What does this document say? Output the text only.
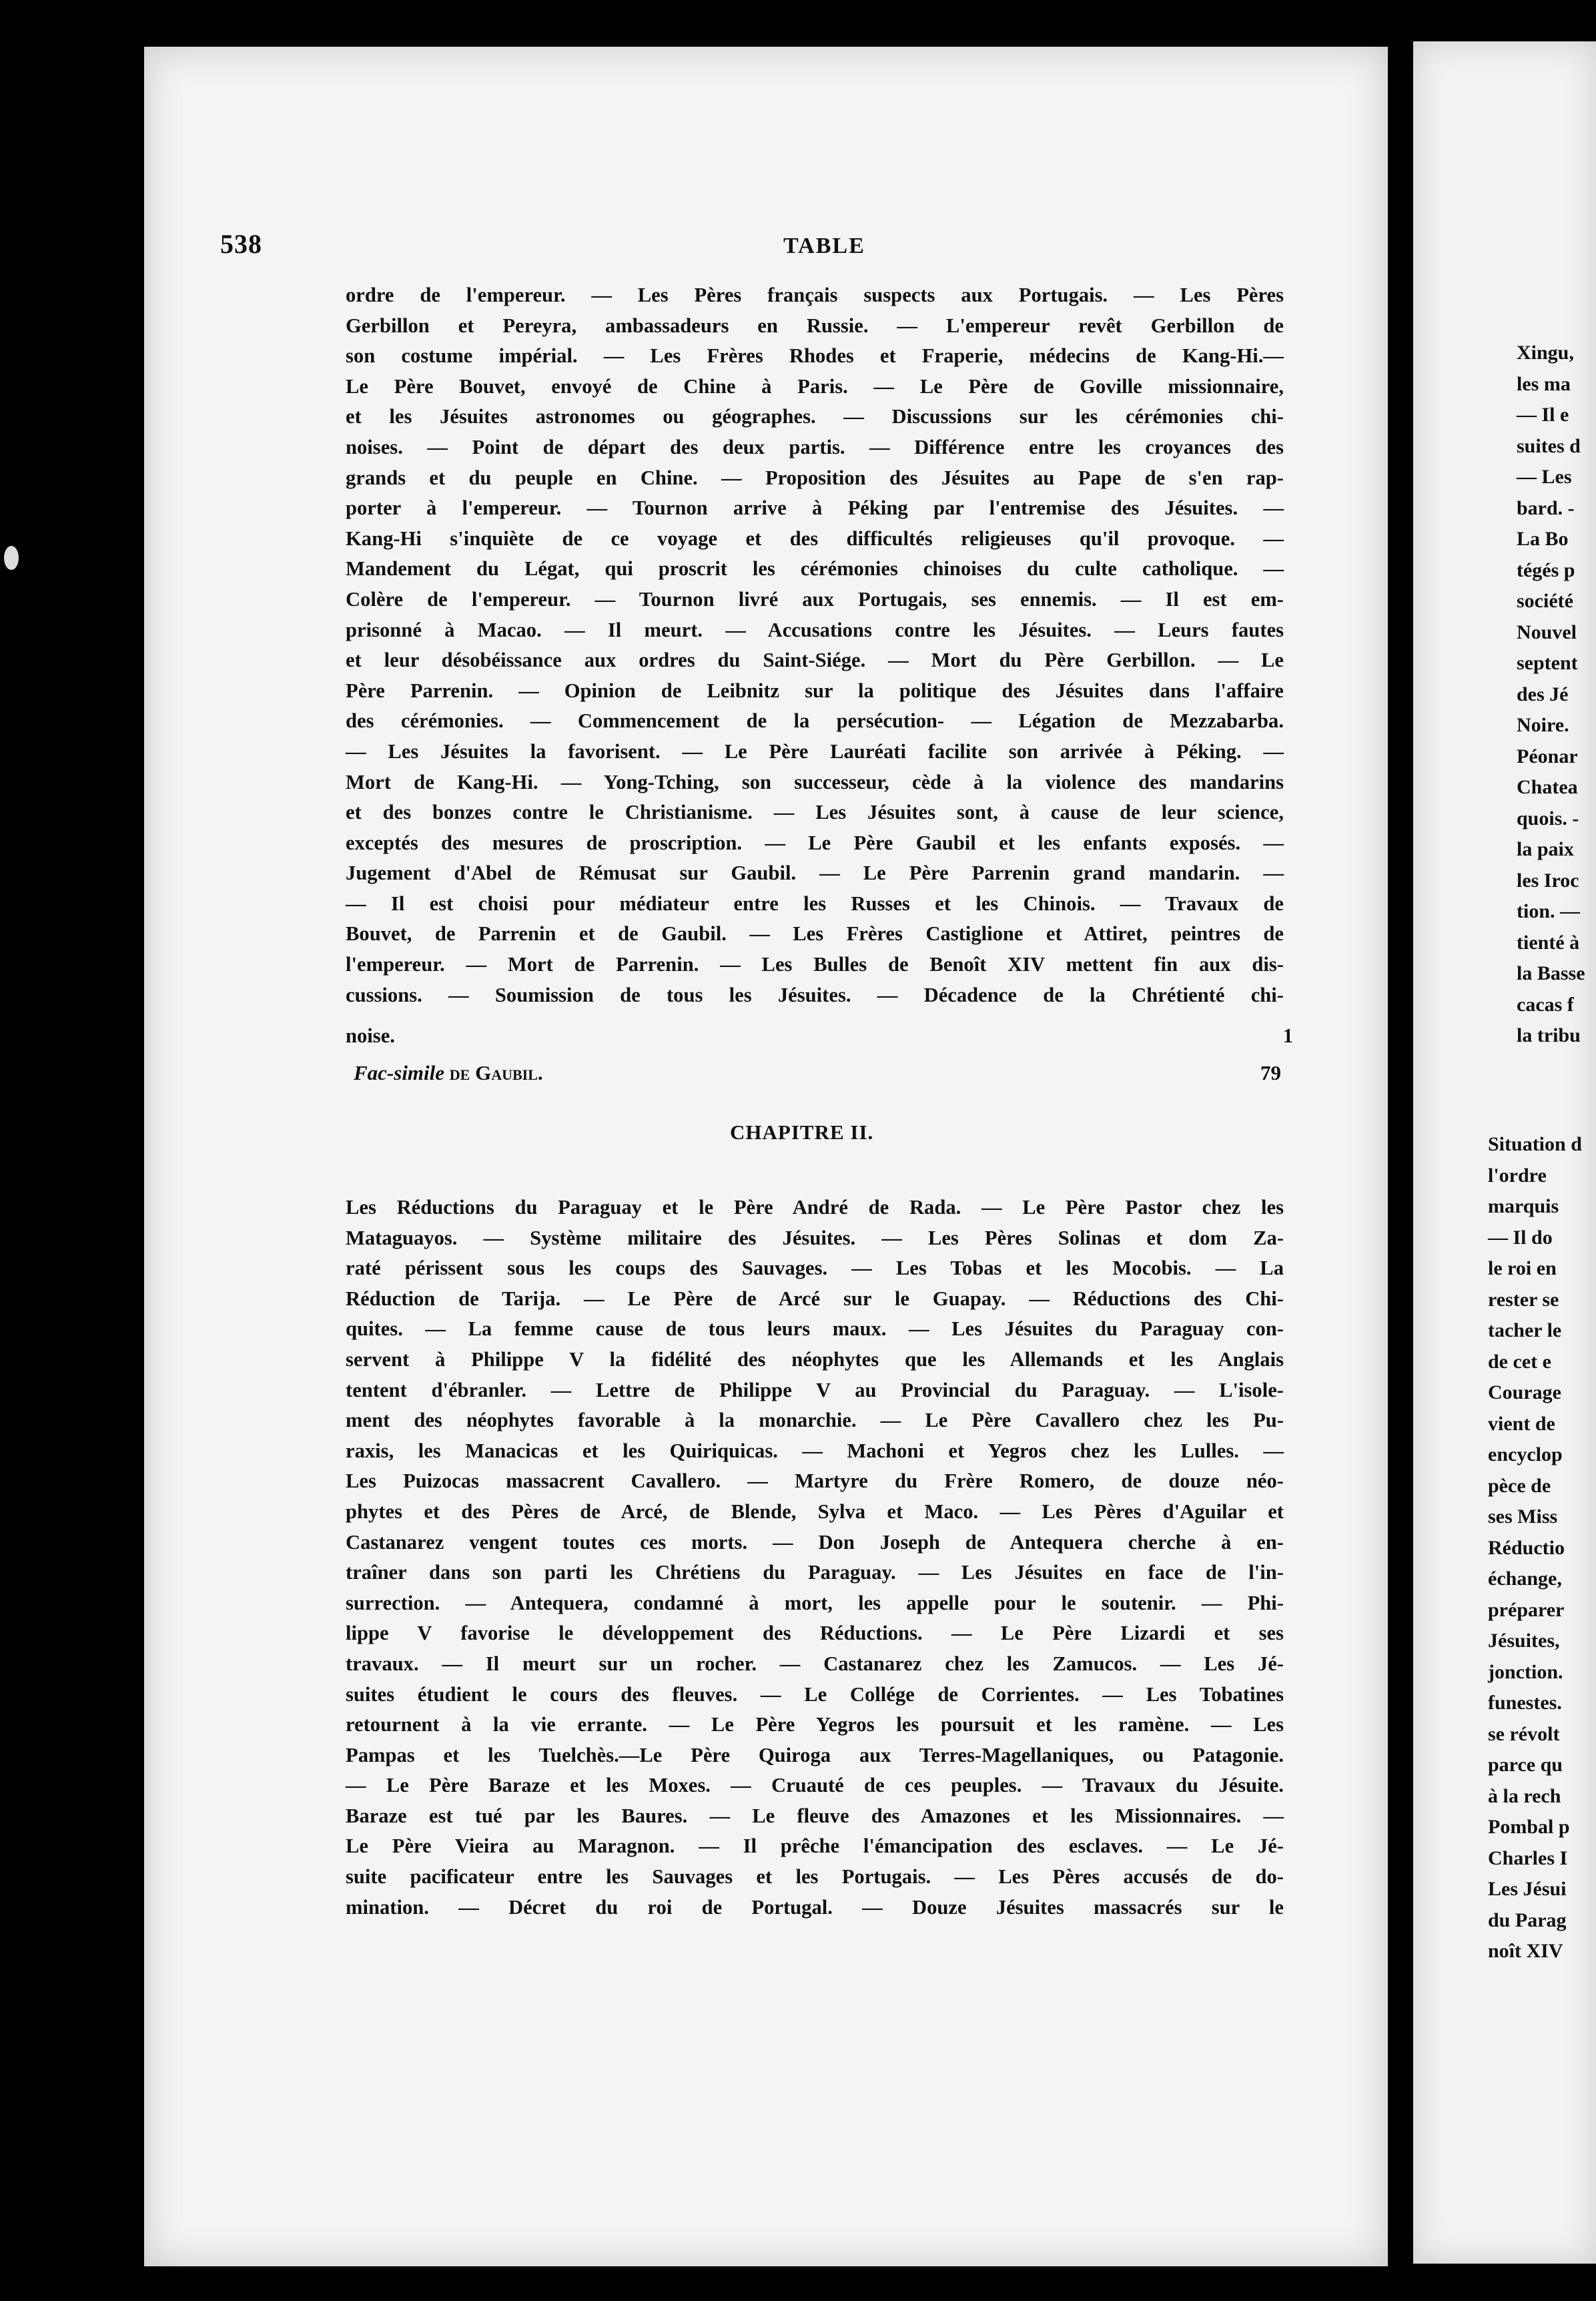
538	TABLE
ordre de l'empereur. — Les Pères français suspects aux Portugais. — Les Pères
Gerbillon et Pereyra, ambassadeurs en Russie. — L'empereur revêt Gerbillon de
son costume impérial. — Les Frères Rhodes et Fraperie, médecins de Kang-Hi.—
Le Père Bouvet, envoyé de Chine à Paris. — Le Père de Goville missionnaire,
et les Jésuites astronomes ou géographes. — Discussions sur les cérémonies chi-
noises. — Point de départ des deux partis. — Différence entre les croyances des
grands et du peuple en Chine. — Proposition des Jésuites au Pape de s'en rap-
porter à l'empereur. — Tournon arrive à Péking par l'entremise des Jésuites. —
Kang-Hi s'inquiète de ce voyage et des difficultés religieuses qu'il provoque. —
Mandement du Légat, qui proscrit les cérémonies chinoises du culte catholique. —
Colère de l'empereur. — Tournon livré aux Portugais, ses ennemis. — Il est em-
prisonné à Macao. — Il meurt. — Accusations contre les Jésuites. — Leurs fautes
et leur désobéissance aux ordres du Saint-Siége. — Mort du Père Gerbillon. — Le
Père Parrenin. — Opinion de Leibnitz sur la politique des Jésuites dans l'affaire
des cérémonies. — Commencement de la persécution- — Légation de Mezzabarba.
— Les Jésuites la favorisent. — Le Père Lauréati facilite son arrivée à Péking. —
Mort de Kang-Hi. — Yong-Tching, son successeur, cède à la violence des mandarins
et des bonzes contre le Christianisme. — Les Jésuites sont, à cause de leur science,
exceptés des mesures de proscription. — Le Père Gaubil et les enfants exposés. —
Jugement d'Abel de Rémusat sur Gaubil. — Le Père Parrenin grand mandarin. —
— Il est choisi pour médiateur entre les Russes et les Chinois. — Travaux de
Bouvet, de Parrenin et de Gaubil. — Les Frères Castiglione et Attiret, peintres de
l'empereur. — Mort de Parrenin. — Les Bulles de Benoît XIV mettent fin aux dis-
cussions. — Soumission de tous les Jésuites. — Décadence de la Chrétienté chi-
noise.	1
Fac-simile de Gaubil.	79
CHAPITRE II.
Les Réductions du Paraguay et le Père André de Rada. — Le Père Pastor chez les
Mataguayos. — Système militaire des Jésuites. — Les Pères Solinas et dom Za-
raté périssent sous les coups des Sauvages. — Les Tobas et les Mocobis. — La
Réduction de Tarija. — Le Père de Arcé sur le Guapay. — Réductions des Chi-
quites. — La femme cause de tous leurs maux. — Les Jésuites du Paraguay con-
servent à Philippe V la fidélité des néophytes que les Allemands et les Anglais
tentent d'ébranler. — Lettre de Philippe V au Provincial du Paraguay. — L'isole-
ment des néophytes favorable à la monarchie. — Le Père Cavallero chez les Pu-
raxis, les Manacicas et les Quiriquicas. — Machoni et Yegros chez les Lulles. —
Les Puizocas massacrent Cavallero. — Martyre du Frère Romero, de douze néo-
phytes et des Pères de Arcé, de Blende, Sylva et Maco. — Les Pères d'Aguilar et
Castanarez vengent toutes ces morts. — Don Joseph de Antequera cherche à en-
traîner dans son parti les Chrétiens du Paraguay. — Les Jésuites en face de l'in-
surrection. — Antequera, condamné à mort, les appelle pour le soutenir. — Phi-
lippe V favorise le développement des Réductions. — Le Père Lizardi et ses
travaux. — Il meurt sur un rocher. — Castanarez chez les Zamucos. — Les Jé-
suites étudient le cours des fleuves. — Le Collége de Corrientes. — Les Tobatines
retournent à la vie errante. — Le Père Yegros les poursuit et les ramène. — Les
Pampas et les Tuelchès.—Le Père Quiroga aux Terres-Magellaniques, ou Patagonie.
— Le Père Baraze et les Moxes. — Cruauté de ces peuples. — Travaux du Jésuite.
Baraze est tué par les Baures. — Le fleuve des Amazones et les Missionnaires. —
Le Père Vieira au Maragnon. — Il prêche l'émancipation des esclaves. — Le Jé-
suite pacificateur entre les Sauvages et les Portugais. — Les Pères accusés de do-
mination. — Décret du roi de Portugal. — Douze Jésuites massacrés sur le
Xingu,
les ma
— Il e
suites d
— Les
bard. -
La Bo
tégés p
société
Nouvel
septent
des Jé
Noire.
Péonar
Chatea
quois. -
la paix
les Iroc
tion. —
tienté à
la Basse
cacas f
la tribu
Situation d
l'ordre
marquis
— Il do
le roi en
rester se
tacher le
de cet e
Courage
vient de
encyclop
pèce de
ses Miss
Réductio
échange,
préparer
Jésuites,
jonction.
funestes.
se révolt
parce qu
à la rech
Pombal p
Charles I
Les Jésui
du Parag
noît XIV
